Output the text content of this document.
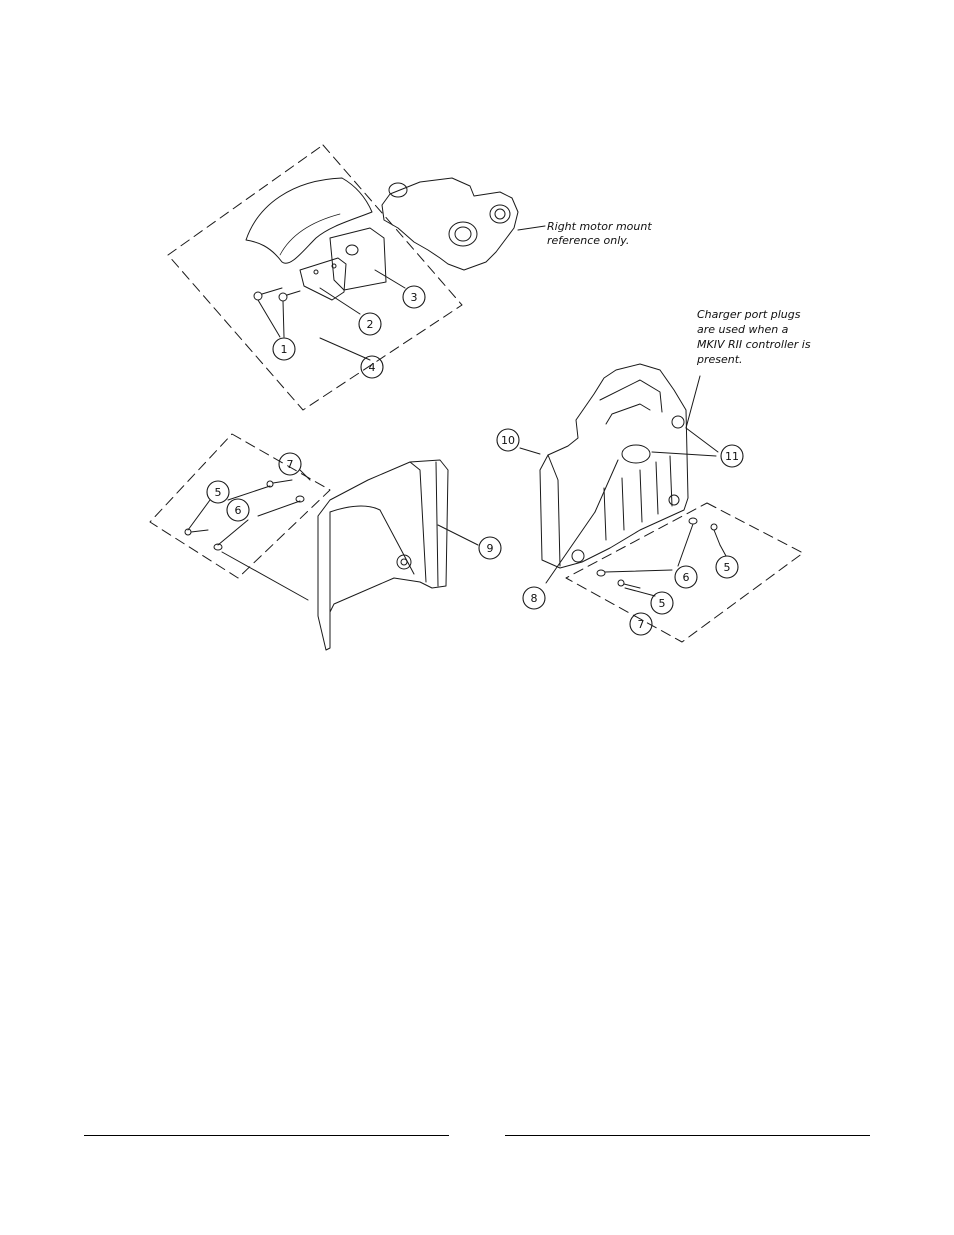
1
2
3
4
7
5
6
9
10
11
8
6
5
5
7
Right motor mount
reference only.
Charger port plugs
are used when a
MKIV RII controller is
present.
